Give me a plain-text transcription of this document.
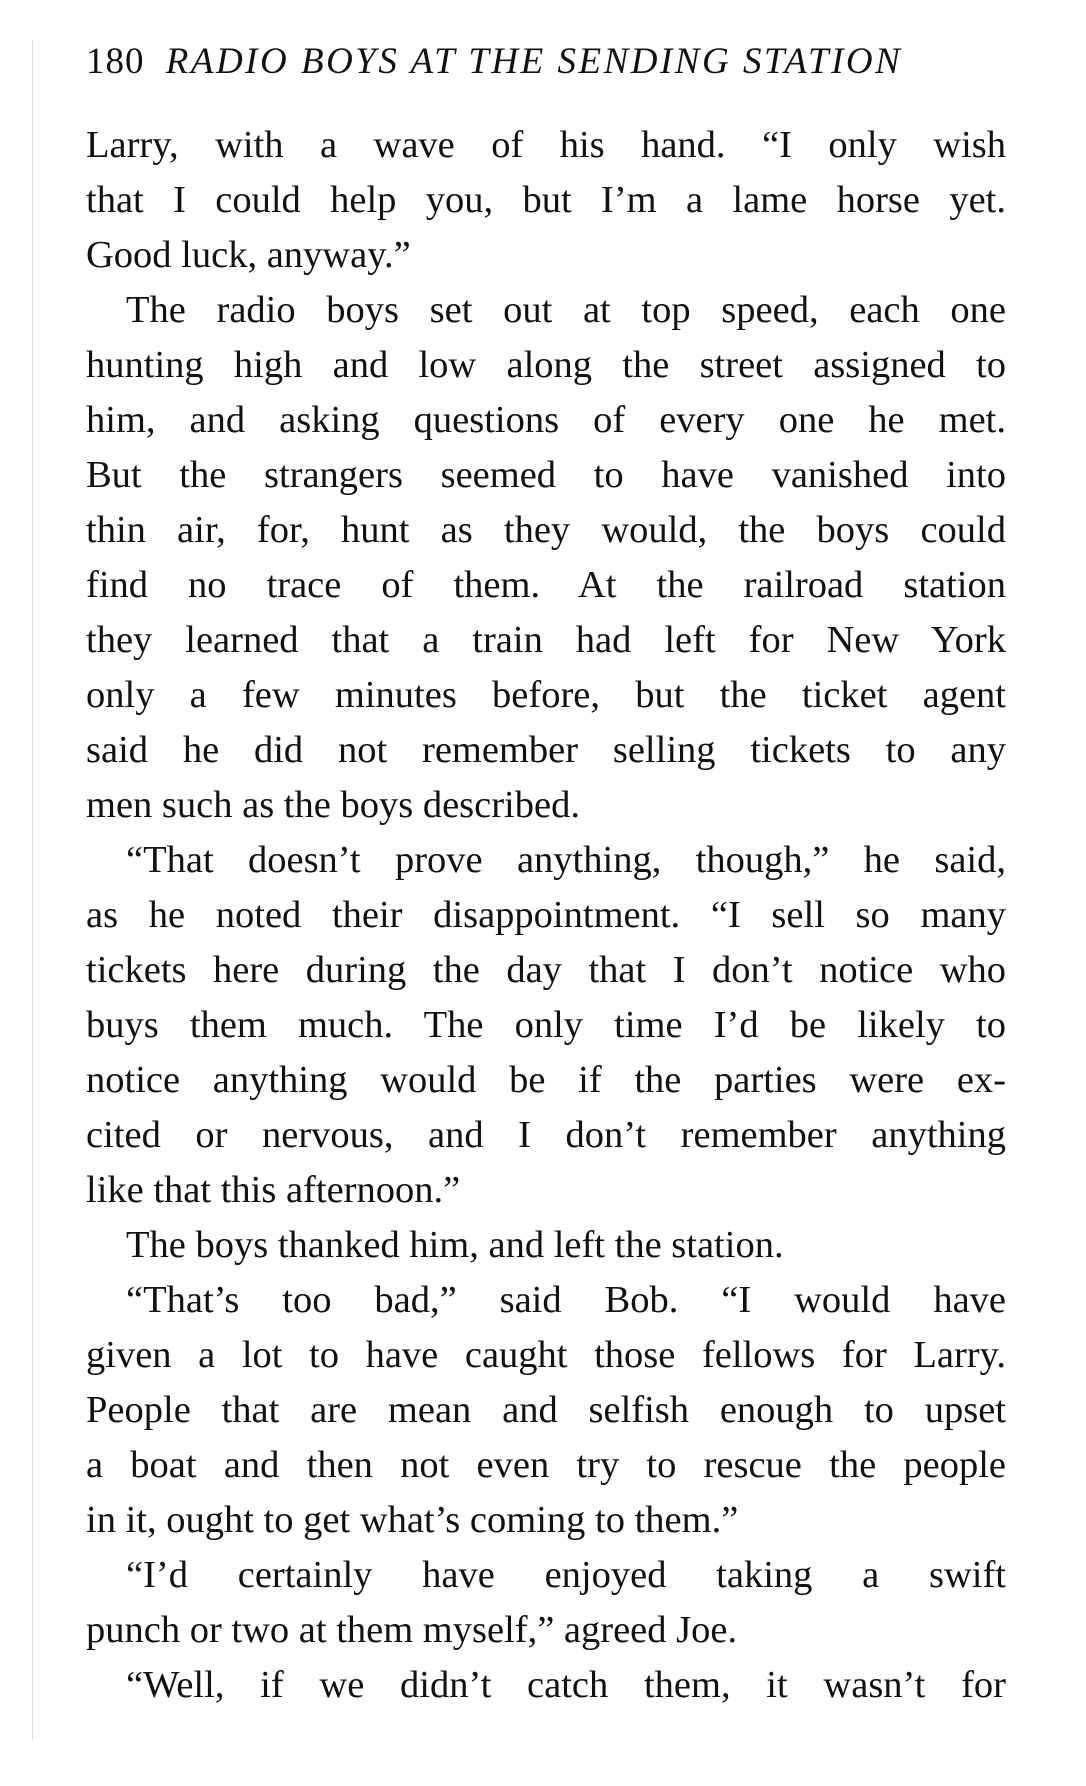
180 RADIO BOYS AT THE SENDING STATION
Larry, with a wave of his hand. “I only wish
that I could help you, but I’m a lame horse yet.
Good luck, anyway.”
The radio boys set out at top speed, each one
hunting high and low along the street assigned to
him, and asking questions of every one he met.
But the strangers seemed to have vanished into
thin air, for, hunt as they would, the boys could
find no trace of them. At the railroad station
they learned that a train had left for New York
only a few minutes before, but the ticket agent
said he did not remember selling tickets to any
men such as the boys described.
“That doesn’t prove anything, though,” he said,
as he noted their disappointment. “I sell so many
tickets here during the day that I don’t notice who
buys them much. The only time I’d be likely to
notice anything would be if the parties were ex-
cited or nervous, and I don’t remember anything
like that this afternoon.”
The boys thanked him, and left the station.
“That’s too bad,” said Bob. “I would have
given a lot to have caught those fellows for Larry.
People that are mean and selfish enough to upset
a boat and then not even try to rescue the people
in it, ought to get what’s coming to them.”
“I’d certainly have enjoyed taking a swift
punch or two at them myself,” agreed Joe.
“Well, if we didn’t catch them, it wasn’t for
